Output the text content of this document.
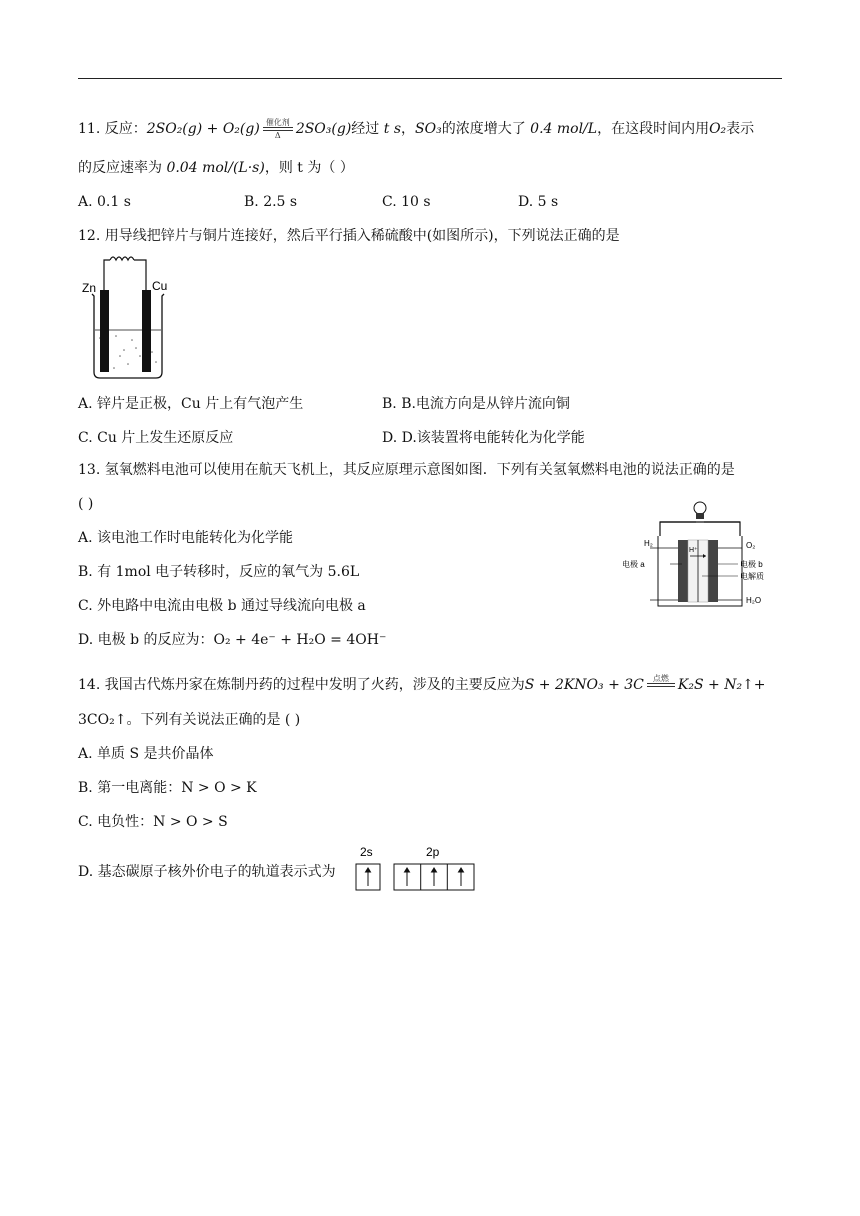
11. 反应：2SO₂(g) + O₂(g) 催化剂
Δ	2SO₃(g)经过 t s，SO₃的浓度增大了 0.4 mol/L，在这段时间内用O₂表示
的反应速率为 0.04 mol/(L·s)，则 t 为（ ）
A. 0.1 s	B. 2.5 s	C. 10 s	D. 5 s
12. 用导线把锌片与铜片连接好，然后平行插入稀硫酸中(如图所示)，下列说法正确的是
Zn	Cu
A. 锌片是正极，Cu 片上有气泡产生	B. B.电流方向是从锌片流向铜
C. Cu 片上发生还原反应	D. D.该装置将电能转化为化学能
13. 氢氧燃料电池可以使用在航天飞机上，其反应原理示意图如图．下列有关氢氧燃料电池的说法正确的是
( )
A. 该电池工作时电能转化为化学能
B. 有 1mol 电子转移时，反应的氧气为 5.6L
C. 外电路中电流由电极 b 通过导线流向电极 a
D. 电极 b 的反应为：O₂ + 4e⁻ + H₂O = 4OH⁻
H₂
H⁺
O₂
电极 a	电极 b
电解质
H₂O
14. 我国古代炼丹家在炼制丹药的过程中发明了火药，涉及的主要反应为S + 2KNO₃ + 3C	点燃 K₂S + N₂↑+
3CO₂↑。下列有关说法正确的是 ( )
A. 单质 S 是共价晶体
B. 第一电离能：N > O > K
C. 电负性：N > O > S
D. 基态碳原子核外价电子的轨道表示式为
2s	2p
